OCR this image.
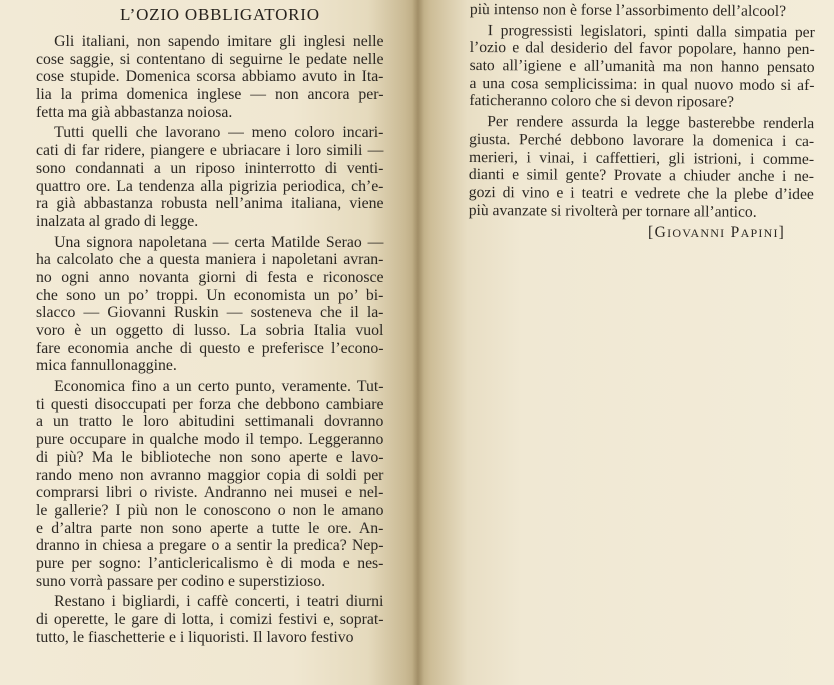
L’OZIO OBBLIGATORIO
Gli italiani, non sapendo imitare gli inglesi nelle
cose saggie, si contentano di seguirne le pedate nelle
cose stupide. Domenica scorsa abbiamo avuto in Ita-
lia la prima domenica inglese — non ancora per-
fetta ma già abbastanza noiosa.
Tutti quelli che lavorano — meno coloro incari-
cati di far ridere, piangere e ubriacare i loro simili —
sono condannati a un riposo ininterrotto di venti-
quattro ore. La tendenza alla pigrizia periodica, ch’e-
ra già abbastanza robusta nell’anima italiana, viene
inalzata al grado di legge.
Una signora napoletana — certa Matilde Serao —
ha calcolato che a questa maniera i napoletani avran-
no ogni anno novanta giorni di festa e riconosce
che sono un po’ troppi. Un economista un po’ bi-
slacco — Giovanni Ruskin — sosteneva che il la-
voro è un oggetto di lusso. La sobria Italia vuol
fare economia anche di questo e preferisce l’econo-
mica fannullonaggine.
Economica fino a un certo punto, veramente. Tut-
ti questi disoccupati per forza che debbono cambiare
a un tratto le loro abitudini settimanali dovranno
pure occupare in qualche modo il tempo. Leggeranno
di più? Ma le biblioteche non sono aperte e lavo-
rando meno non avranno maggior copia di soldi per
comprarsi libri o riviste. Andranno nei musei e nel-
le gallerie? I più non le conoscono o non le amano
e d’altra parte non sono aperte a tutte le ore. An-
dranno in chiesa a pregare o a sentir la predica? Nep-
pure per sogno: l’anticlericalismo è di moda e nes-
suno vorrà passare per codino e superstizioso.
Restano i bigliardi, i caffè concerti, i teatri diurni
di operette, le gare di lotta, i comizi festivi e, soprat-
tutto, le fiaschetterie e i liquoristi. Il lavoro festivo
più intenso non è forse l’assorbimento dell’alcool?
I progressisti legislatori, spinti dalla simpatia per
l’ozio e dal desiderio del favor popolare, hanno pen-
sato all’igiene e all’umanità ma non hanno pensato
a una cosa semplicissima: in qual nuovo modo si af-
faticheranno coloro che si devon riposare?
Per rendere assurda la legge basterebbe renderla
giusta. Perché debbono lavorare la domenica i ca-
merieri, i vinai, i caffettieri, gli istrioni, i comme-
dianti e simil gente? Provate a chiuder anche i ne-
gozi di vino e i teatri e vedrete che la plebe d’idee
più avanzate si rivolterà per tornare all’antico.
[GIOVANNI PAPINI]
